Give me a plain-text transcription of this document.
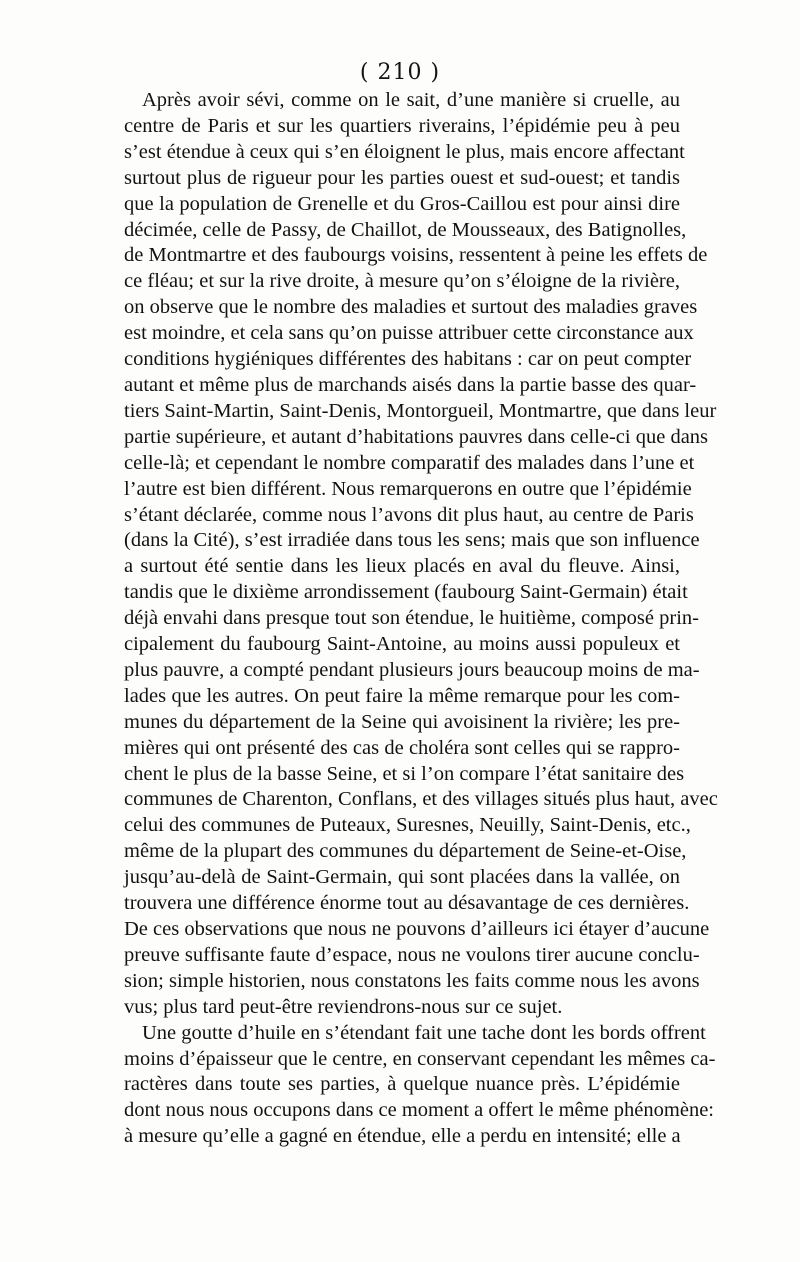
( 210 )
Après avoir sévi, comme on le sait, d’une manière si cruelle, au
centre de Paris et sur les quartiers riverains, l’épidémie peu à peu
s’est étendue à ceux qui s’en éloignent le plus, mais encore affectant
surtout plus de rigueur pour les parties ouest et sud-ouest; et tandis
que la population de Grenelle et du Gros-Caillou est pour ainsi dire
décimée, celle de Passy, de Chaillot, de Mousseaux, des Batignolles,
de Montmartre et des faubourgs voisins, ressentent à peine les effets de
ce fléau; et sur la rive droite, à mesure qu’on s’éloigne de la rivière,
on observe que le nombre des maladies et surtout des maladies graves
est moindre, et cela sans qu’on puisse attribuer cette circonstance aux
conditions hygiéniques différentes des habitans : car on peut compter
autant et même plus de marchands aisés dans la partie basse des quar-
tiers Saint-Martin, Saint-Denis, Montorgueil, Montmartre, que dans leur
partie supérieure, et autant d’habitations pauvres dans celle-ci que dans
celle-là; et cependant le nombre comparatif des malades dans l’une et
l’autre est bien différent. Nous remarquerons en outre que l’épidémie
s’étant déclarée, comme nous l’avons dit plus haut, au centre de Paris
(dans la Cité), s’est irradiée dans tous les sens; mais que son influence
a surtout été sentie dans les lieux placés en aval du fleuve. Ainsi,
tandis que le dixième arrondissement (faubourg Saint-Germain) était
déjà envahi dans presque tout son étendue, le huitième, composé prin-
cipalement du faubourg Saint-Antoine, au moins aussi populeux et
plus pauvre, a compté pendant plusieurs jours beaucoup moins de ma-
lades que les autres. On peut faire la même remarque pour les com-
munes du département de la Seine qui avoisinent la rivière; les pre-
mières qui ont présenté des cas de choléra sont celles qui se rappro-
chent le plus de la basse Seine, et si l’on compare l’état sanitaire des
communes de Charenton, Conflans, et des villages situés plus haut, avec
celui des communes de Puteaux, Suresnes, Neuilly, Saint-Denis, etc.,
même de la plupart des communes du département de Seine-et-Oise,
jusqu’au-delà de Saint-Germain, qui sont placées dans la vallée, on
trouvera une différence énorme tout au désavantage de ces dernières.
De ces observations que nous ne pouvons d’ailleurs ici étayer d’aucune
preuve suffisante faute d’espace, nous ne voulons tirer aucune conclu-
sion; simple historien, nous constatons les faits comme nous les avons
vus; plus tard peut-être reviendrons-nous sur ce sujet.
Une goutte d’huile en s’étendant fait une tache dont les bords offrent
moins d’épaisseur que le centre, en conservant cependant les mêmes ca-
ractères dans toute ses parties, à quelque nuance près. L’épidémie
dont nous nous occupons dans ce moment a offert le même phénomène:
à mesure qu’elle a gagné en étendue, elle a perdu en intensité; elle a
